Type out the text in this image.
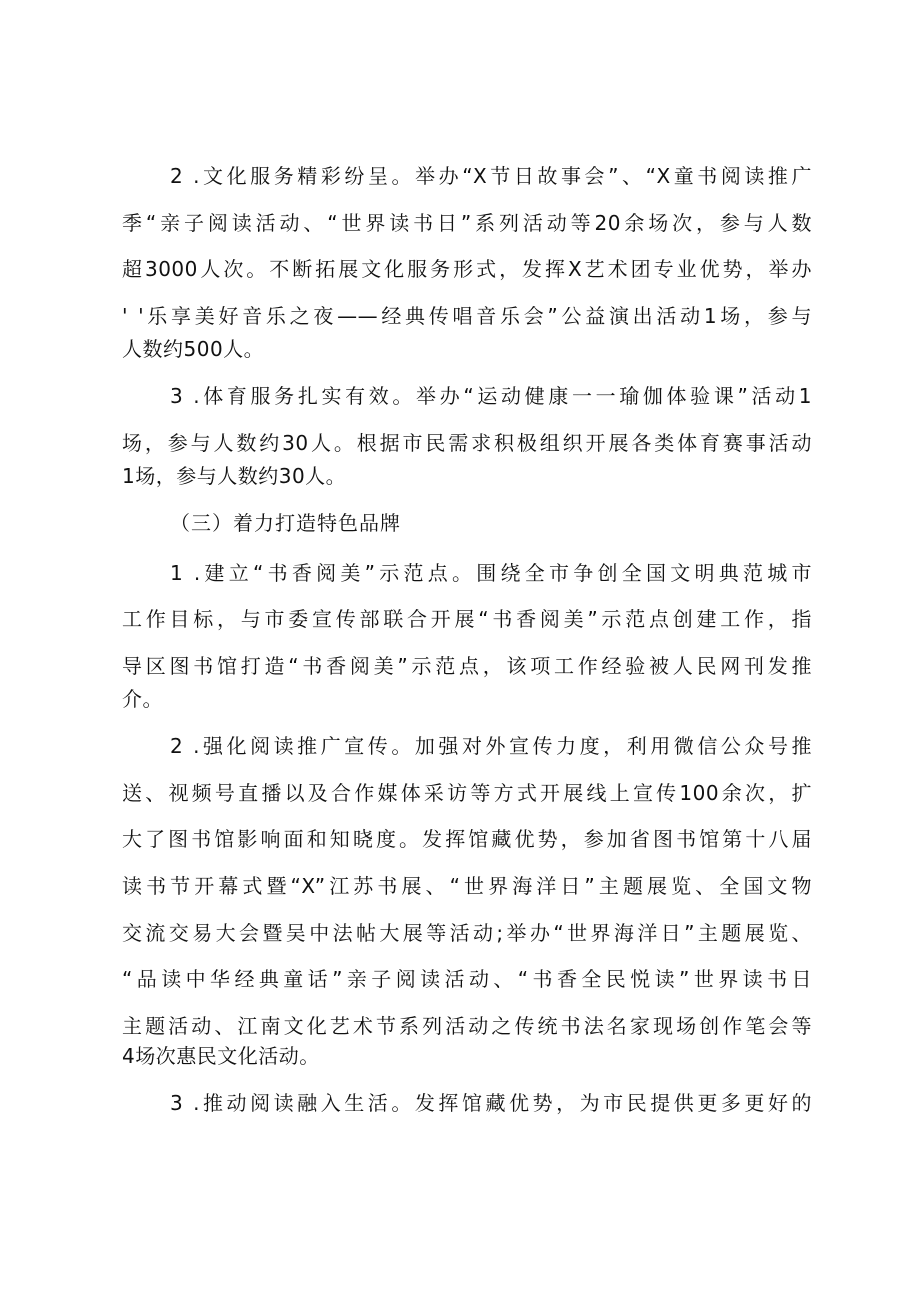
2 .文化服务精彩纷呈。举办“X节日故事会”、“X童书阅读推广
季“亲子阅读活动、“世界读书日”系列活动等20余场次，参与人数
超3000人次。不断拓展文化服务形式，发挥X艺术团专业优势，举办
' '乐享美好音乐之夜——经典传唱音乐会”公益演出活动1场，参与
人数约500人。
3 .体育服务扎实有效。举办“运动健康一一瑜伽体验课”活动1
场，参与人数约30人。根据市民需求积极组织开展各类体育赛事活动
1场，参与人数约30人。
（三）着力打造特色品牌
1 .建立“书香阅美”示范点。围绕全市争创全国文明典范城市
工作目标，与市委宣传部联合开展“书香阅美”示范点创建工作，指
导区图书馆打造“书香阅美”示范点，该项工作经验被人民网刊发推
介。
2 .强化阅读推广宣传。加强对外宣传力度，利用微信公众号推
送、视频号直播以及合作媒体采访等方式开展线上宣传100余次，扩
大了图书馆影响面和知晓度。发挥馆藏优势，参加省图书馆第十八届
读书节开幕式暨“X”江苏书展、“世界海洋日”主题展览、全国文物
交流交易大会暨吴中法帖大展等活动;举办“世界海洋日”主题展览、
“品读中华经典童话”亲子阅读活动、“书香全民悦读”世界读书日
主题活动、江南文化艺术节系列活动之传统书法名家现场创作笔会等
4场次惠民文化活动。
3 .推动阅读融入生活。发挥馆藏优势，为市民提供更多更好的
